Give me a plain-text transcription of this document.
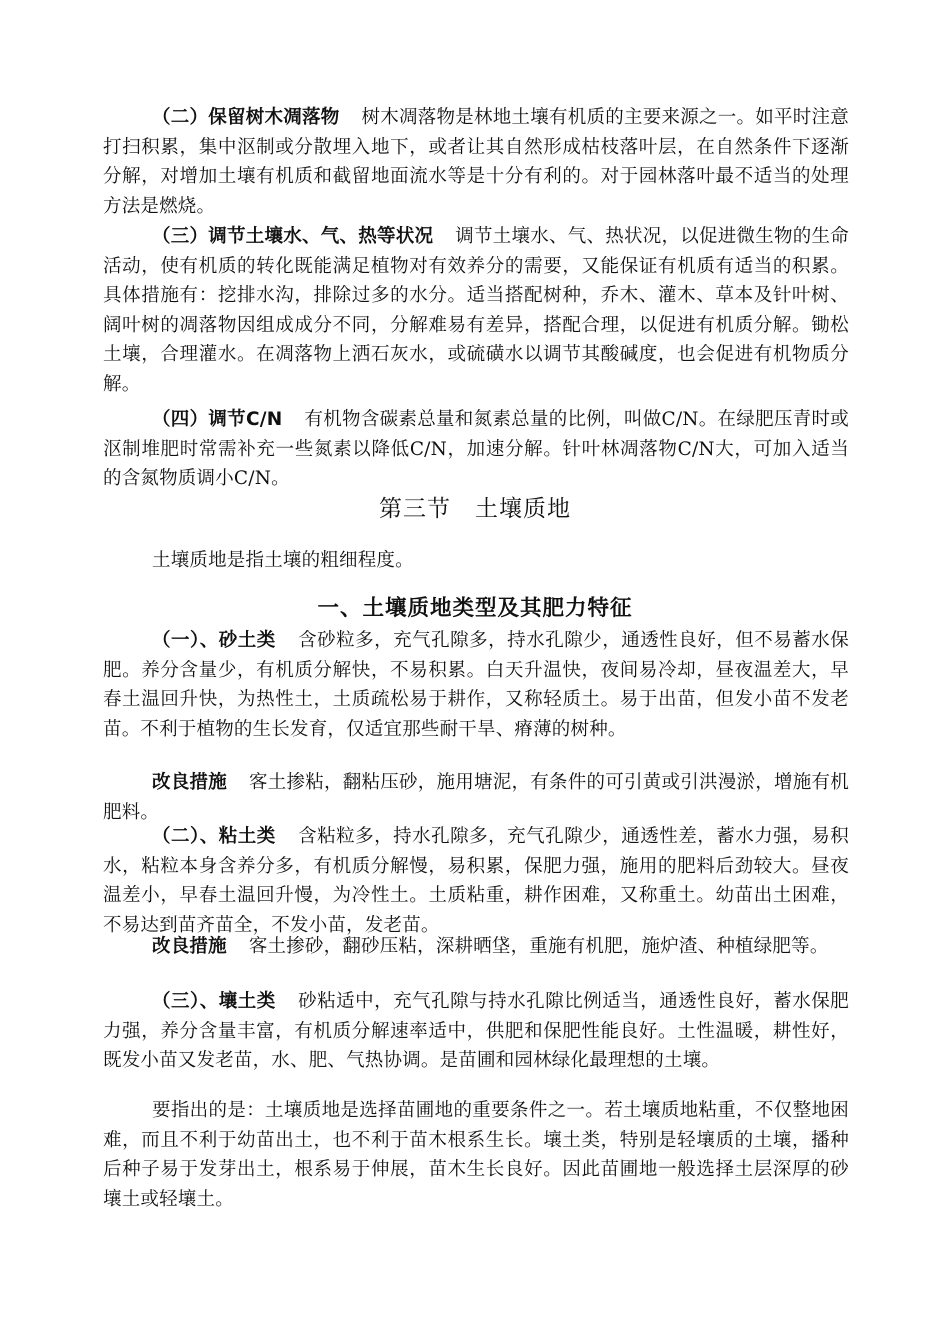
（二）保留树木凋落物 树木凋落物是林地土壤有机质的主要来源之一。如平时注意打扫积累，集中沤制或分散埋入地下，或者让其自然形成枯枝落叶层，在自然条件下逐渐分解，对增加土壤有机质和截留地面流水等是十分有利的。对于园林落叶最不适当的处理方法是燃烧。

（三）调节土壤水、气、热等状况 调节土壤水、气、热状况，以促进微生物的生命活动，使有机质的转化既能满足植物对有效养分的需要，又能保证有机质有适当的积累。具体措施有：挖排水沟，排除过多的水分。适当搭配树种，乔木、灌木、草本及针叶树、阔叶树的凋落物因组成成分不同，分解难易有差异，搭配合理，以促进有机质分解。锄松土壤，合理灌水。在凋落物上洒石灰水，或硫磺水以调节其酸碱度，也会促进有机物质分解。

（四）调节C/N 有机物含碳素总量和氮素总量的比例，叫做C/N。在绿肥压青时或沤制堆肥时常需补充一些氮素以降低C/N，加速分解。针叶林凋落物C/N大，可加入适当的含氮物质调小C/N。

第三节　土壤质地

土壤质地是指土壤的粗细程度。

一、土壤质地类型及其肥力特征

（一）、砂土类 含砂粒多，充气孔隙多，持水孔隙少，通透性良好，但不易蓄水保肥。养分含量少，有机质分解快，不易积累。白天升温快，夜间易冷却，昼夜温差大，早春土温回升快，为热性土，土质疏松易于耕作，又称轻质土。易于出苗，但发小苗不发老苗。不利于植物的生长发育，仅适宜那些耐干旱、瘠薄的树种。

改良措施 客土掺粘，翻粘压砂，施用塘泥，有条件的可引黄或引洪漫淤，增施有机肥料。

（二）、粘土类 含粘粒多，持水孔隙多，充气孔隙少，通透性差，蓄水力强，易积水，粘粒本身含养分多，有机质分解慢，易积累，保肥力强，施用的肥料后劲较大。昼夜温差小，早春土温回升慢，为冷性土。土质粘重，耕作困难，又称重土。幼苗出土困难，不易达到苗齐苗全，不发小苗，发老苗。

改良措施 客土掺砂，翻砂压粘，深耕晒垡，重施有机肥，施炉渣、种植绿肥等。

（三）、壤土类 砂粘适中，充气孔隙与持水孔隙比例适当，通透性良好，蓄水保肥力强，养分含量丰富，有机质分解速率适中，供肥和保肥性能良好。土性温暖，耕性好，既发小苗又发老苗，水、肥、气热协调。是苗圃和园林绿化最理想的土壤。

要指出的是：土壤质地是选择苗圃地的重要条件之一。若土壤质地粘重，不仅整地困难，而且不利于幼苗出土，也不利于苗木根系生长。壤土类，特别是轻壤质的土壤，播种后种子易于发芽出土，根系易于伸展，苗木生长良好。因此苗圃地一般选择土层深厚的砂壤土或轻壤土。
